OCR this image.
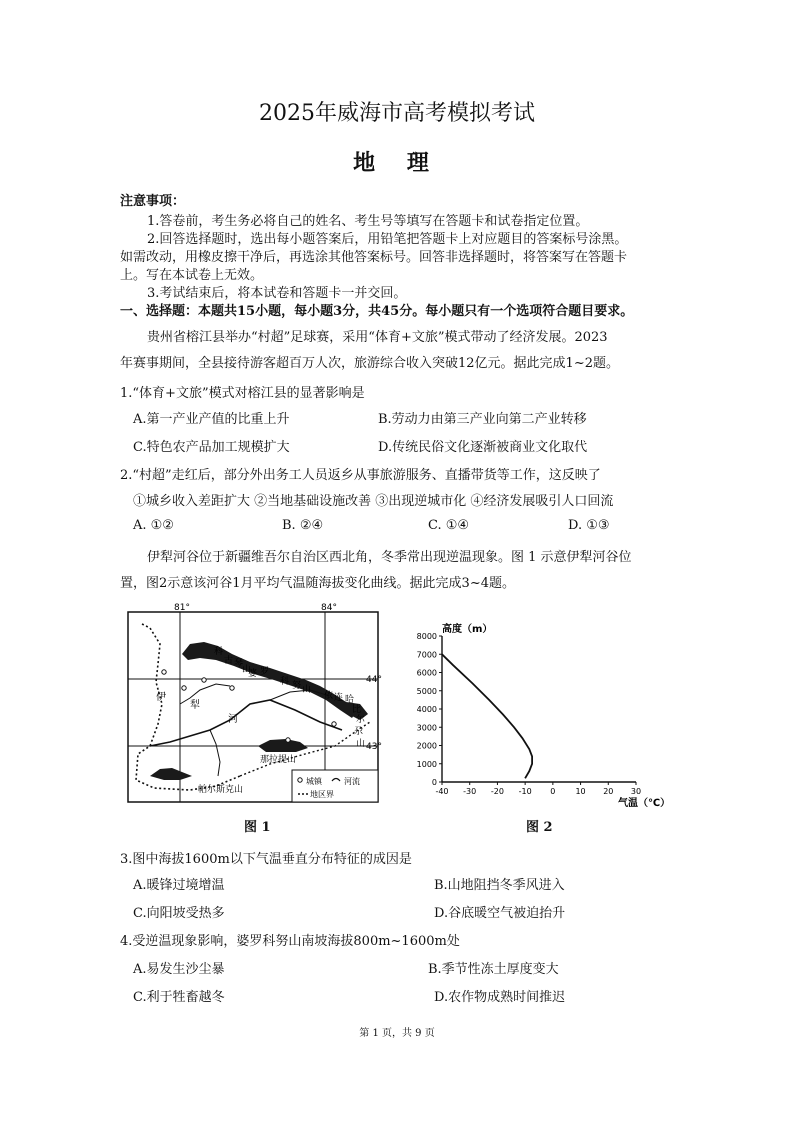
2025年威海市高考模拟考试
地 理
注意事项：
1.答卷前，考生务必将自己的姓名、考生号等填写在答题卡和试卷指定位置。
2.回答选择题时，选出每小题答案后，用铅笔把答题卡上对应题目的答案标号涂黑。
如需改动，用橡皮擦干净后，再选涂其他答案标号。回答非选择题时，将答案写在答题卡
上。写在本试卷上无效。
3.考试结束后，将本试卷和答题卡一并交回。
一、选择题：本题共15小题，每小题3分，共45分。每小题只有一个选项符合题目要求。
贵州省榕江县举办“村超”足球赛，采用“体育+文旅”模式带动了经济发展。2023
年赛事期间，全县接待游客超百万人次，旅游综合收入突破12亿元。据此完成1~2题。
1.“体育+文旅”模式对榕江县的显著影响是
A.第一产业产值的比重上升	B.劳动力由第三产业向第二产业转移
C.特色农产品加工规模扩大	D.传统民俗文化逐渐被商业文化取代
2.“村超”走红后，部分外出务工人员返乡从事旅游服务、直播带货等工作，这反映了
①城乡收入差距扩大 ②当地基础设施改善 ③出现逆城市化 ④经济发展吸引人口回流
A. ①②	B. ②④	C. ①④	D. ①③
伊犁河谷位于新疆维吾尔自治区西北角，冬季常出现逆温现象。图 1 示意伊犁河谷位
置，图2示意该河谷1月平均气温随海拔变化曲线。据此完成3~4题。
81°	84°
科
古 琴
山
婆 罗
科 努 山
依 连 哈
比
尔
尕
山
那拉提山
帕尔斯克山
伊
犁
河
44°
43°
城镇	河流
地区界
图 1
0
1000
2000
3000
4000
5000
6000
7000
8000
-40 -30 -20 -10 0	10 20 30
高度（m）
气温（℃）
图 2
3.图中海拔1600m以下气温垂直分布特征的成因是
A.暖锋过境增温	B.山地阻挡冬季风进入
C.向阳坡受热多	D.谷底暖空气被迫抬升
4.受逆温现象影响，婆罗科努山南坡海拔800m~1600m处
A.易发生沙尘暴	B.季节性冻土厚度变大
C.利于牲畜越冬	D.农作物成熟时间推迟
第 1 页，共 9 页
